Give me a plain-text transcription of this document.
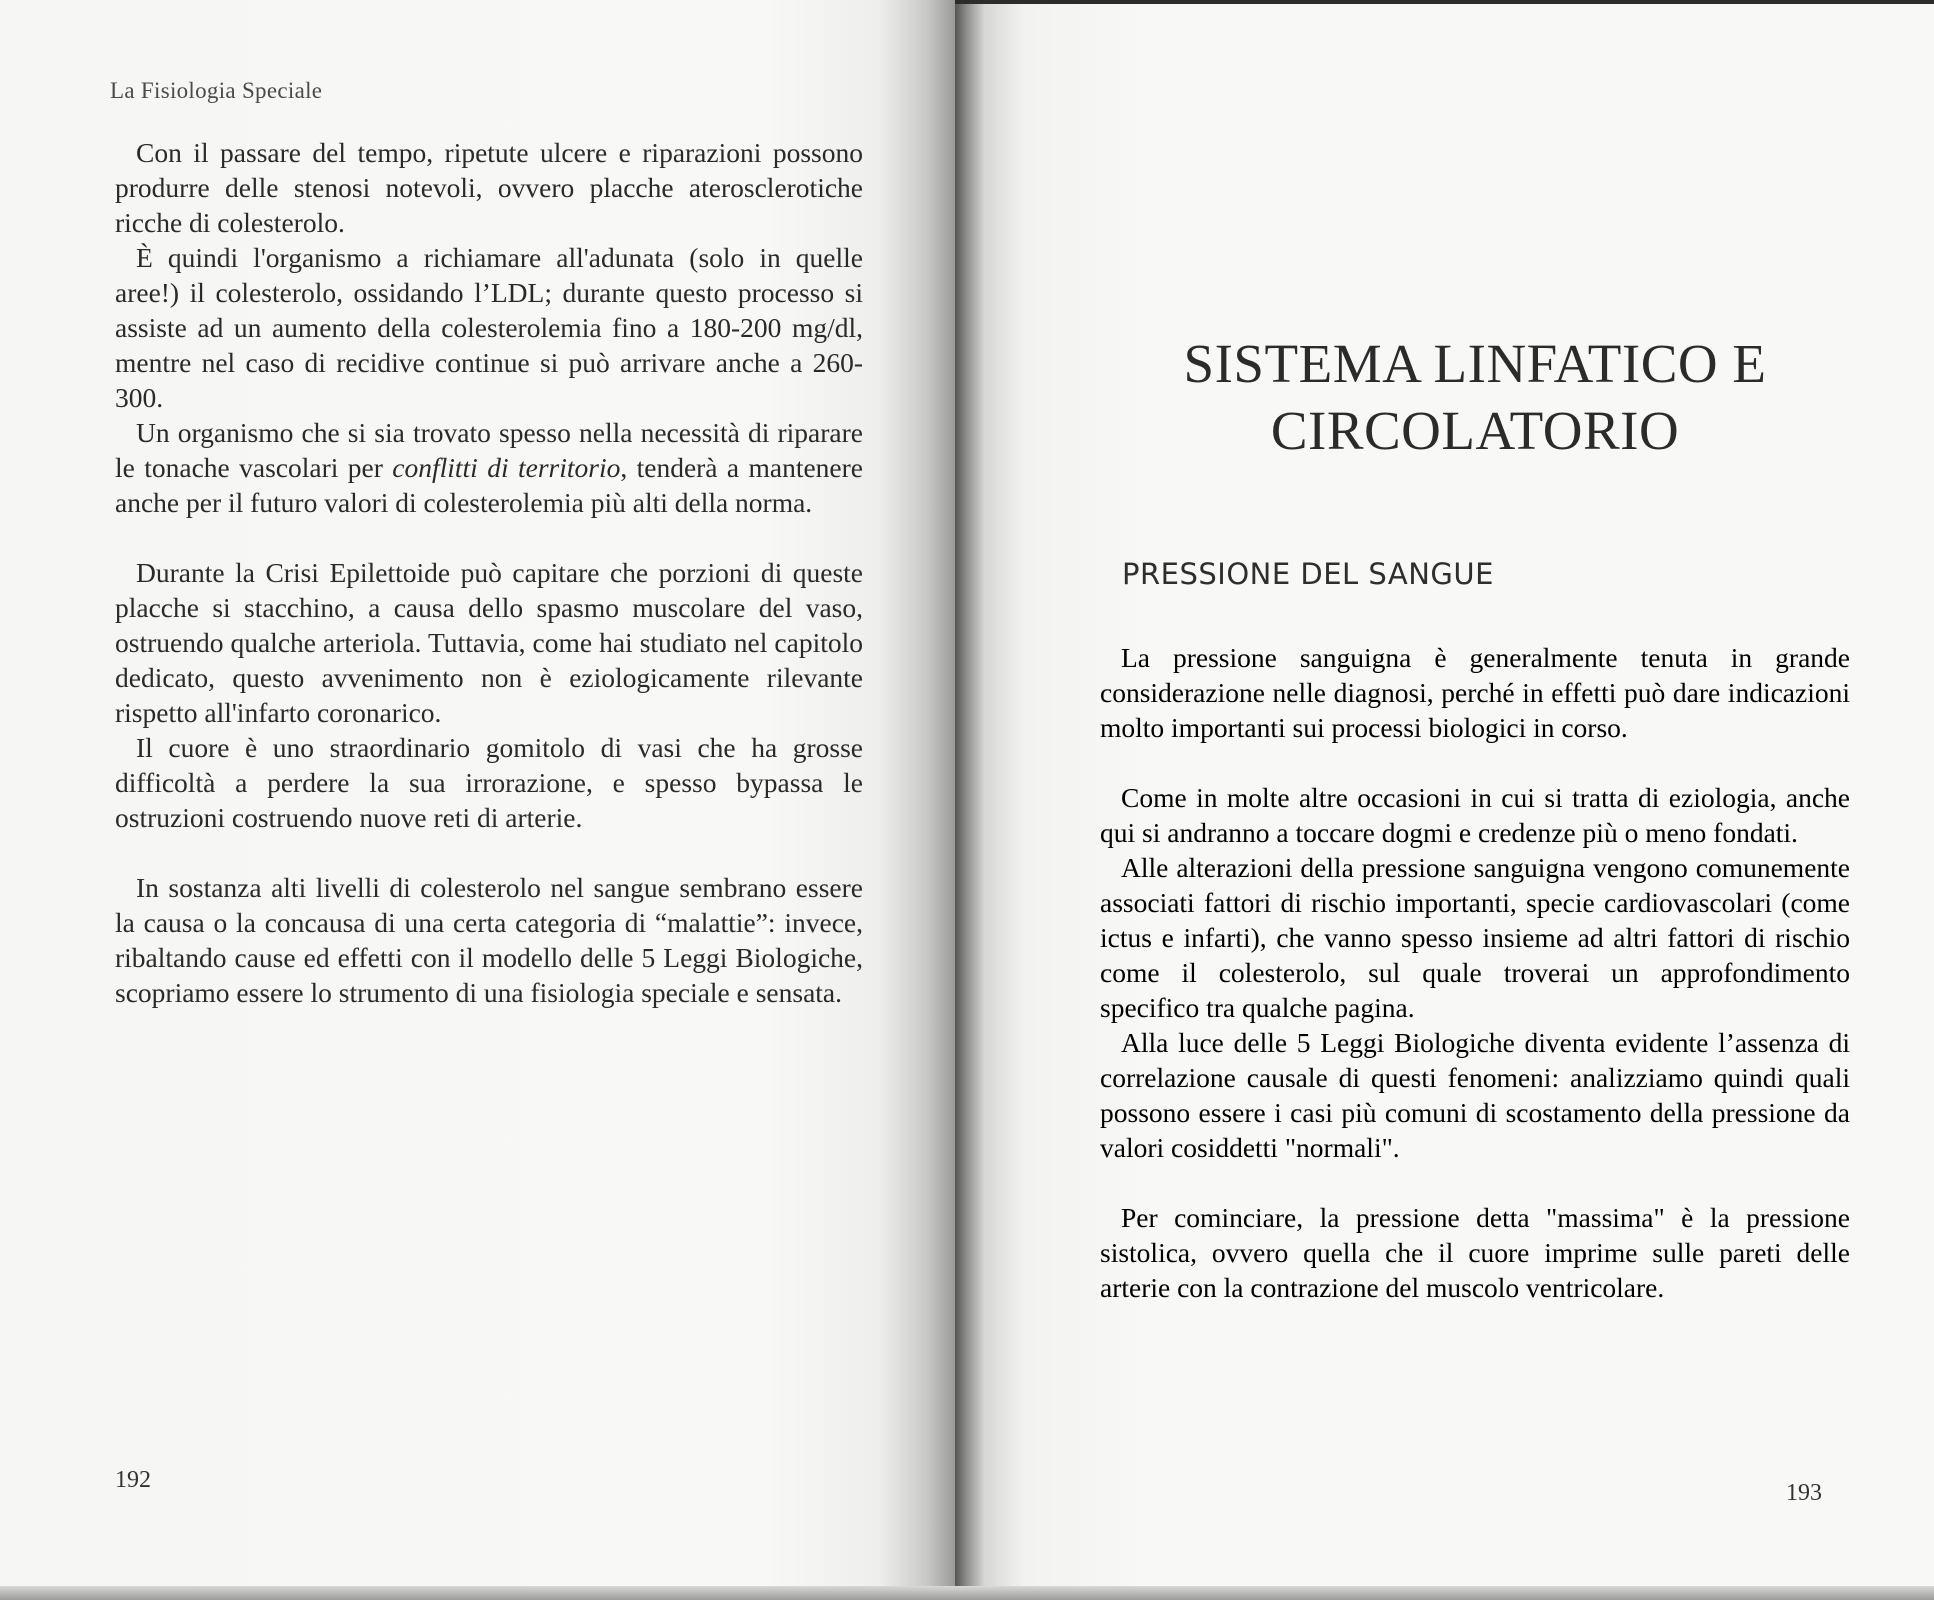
La Fisiologia Speciale

Con il passare del tempo, ripetute ulcere e riparazioni possono produrre delle stenosi notevoli, ovvero placche aterosclerotiche ricche di colesterolo.

È quindi l'organismo a richiamare all'adunata (solo in quelle aree!) il colesterolo, ossidando l’LDL; durante questo processo si assiste ad un aumento della colesterolemia fino a 180-200 mg/dl, mentre nel caso di recidive continue si può arrivare anche a 260-300.

Un organismo che si sia trovato spesso nella necessità di riparare le tonache vascolari per conflitti di territorio, tenderà a mantenere anche per il futuro valori di colesterolemia più alti della norma.

Durante la Crisi Epilettoide può capitare che porzioni di queste placche si stacchino, a causa dello spasmo muscolare del vaso, ostruendo qualche arteriola. Tuttavia, come hai studiato nel capitolo dedicato, questo avvenimento non è eziologicamente rilevante rispetto all'infarto coronarico.

Il cuore è uno straordinario gomitolo di vasi che ha grosse difficoltà a perdere la sua irrorazione, e spesso bypassa le ostruzioni costruendo nuove reti di arterie.

In sostanza alti livelli di colesterolo nel sangue sembrano essere la causa o la concausa di una certa categoria di “malattie”: invece, ribaltando cause ed effetti con il modello delle 5 Leggi Biologiche, scopriamo essere lo strumento di una fisiologia speciale e sensata.

192
SISTEMA LINFATICO E
CIRCOLATORIO
PRESSIONE DEL SANGUE

La pressione sanguigna è generalmente tenuta in grande considerazione nelle diagnosi, perché in effetti può dare indicazioni molto importanti sui processi biologici in corso.

Come in molte altre occasioni in cui si tratta di eziologia, anche qui si andranno a toccare dogmi e credenze più o meno fondati.

Alle alterazioni della pressione sanguigna vengono comunemente associati fattori di rischio importanti, specie cardiovascolari (come ictus e infarti), che vanno spesso insieme ad altri fattori di rischio come il colesterolo, sul quale troverai un approfondimento specifico tra qualche pagina.

Alla luce delle 5 Leggi Biologiche diventa evidente l’assenza di correlazione causale di questi fenomeni: analizziamo quindi quali possono essere i casi più comuni di scostamento della pressione da valori cosiddetti "normali".

Per cominciare, la pressione detta "massima" è la pressione sistolica, ovvero quella che il cuore imprime sulle pareti delle arterie con la contrazione del muscolo ventricolare.

193
